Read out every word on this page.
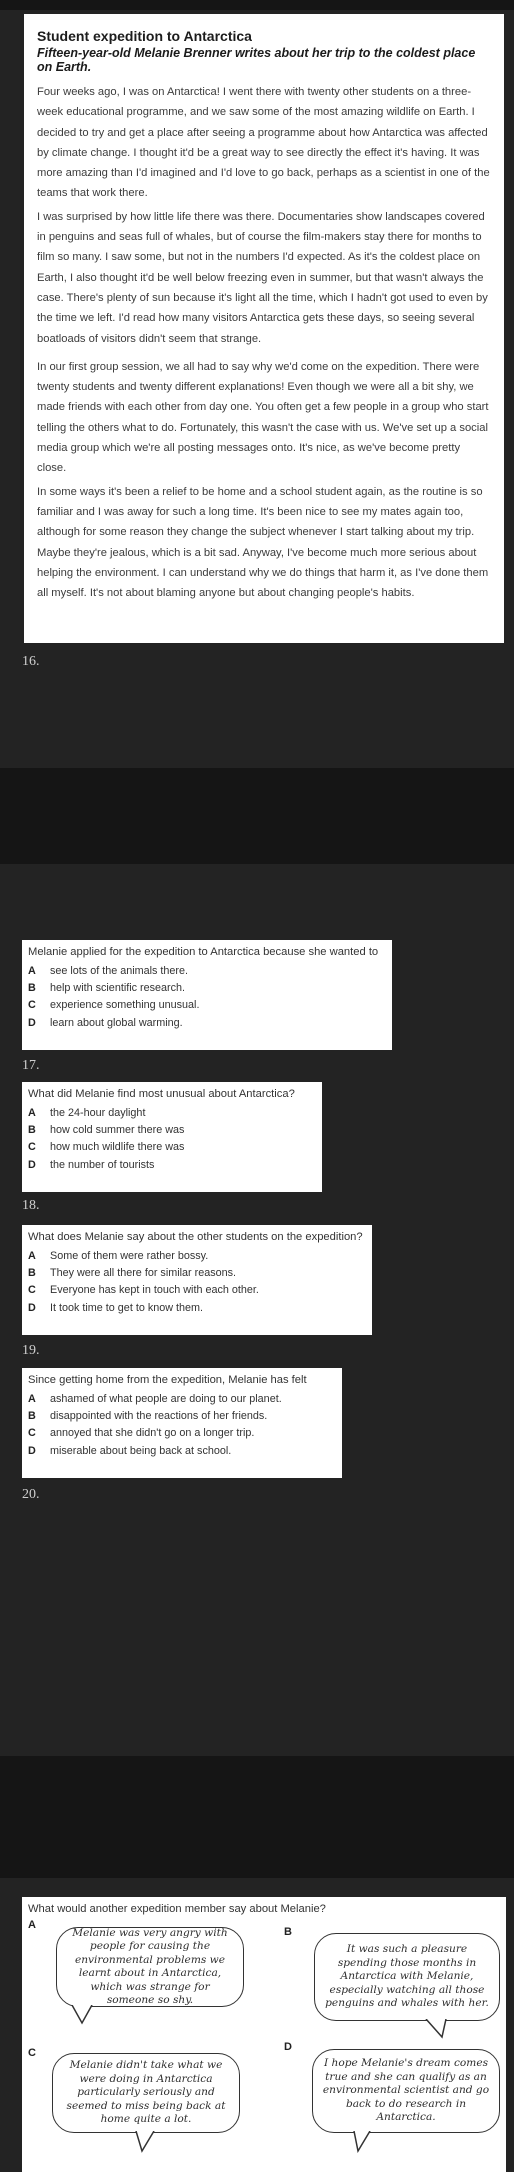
Student expedition to Antarctica
Fifteen-year-old Melanie Brenner writes about her trip to the coldest place on Earth.

Four weeks ago, I was on Antarctica! I went there with twenty other students on a three-week educational programme, and we saw some of the most amazing wildlife on Earth. I decided to try and get a place after seeing a programme about how Antarctica was affected by climate change. I thought it'd be a great way to see directly the effect it's having. It was more amazing than I'd imagined and I'd love to go back, perhaps as a scientist in one of the teams that work there.

I was surprised by how little life there was there. Documentaries show landscapes covered in penguins and seas full of whales, but of course the film-makers stay there for months to film so many. I saw some, but not in the numbers I'd expected. As it's the coldest place on Earth, I also thought it'd be well below freezing even in summer, but that wasn't always the case. There's plenty of sun because it's light all the time, which I hadn't got used to even by the time we left. I'd read how many visitors Antarctica gets these days, so seeing several boatloads of visitors didn't seem that strange.

In our first group session, we all had to say why we'd come on the expedition. There were twenty students and twenty different explanations! Even though we were all a bit shy, we made friends with each other from day one. You often get a few people in a group who start telling the others what to do. Fortunately, this wasn't the case with us. We've set up a social media group which we're all posting messages onto. It's nice, as we've become pretty close.

In some ways it's been a relief to be home and a school student again, as the routine is so familiar and I was away for such a long time. It's been nice to see my mates again too, although for some reason they change the subject whenever I start talking about my trip. Maybe they're jealous, which is a bit sad. Anyway, I've become much more serious about helping the environment. I can understand why we do things that harm it, as I've done them all myself. It's not about blaming anyone but about changing people's habits.

16.
Melanie applied for the expedition to Antarctica because she wanted to
A	see lots of the animals there.
B	help with scientific research.
C	experience something unusual.
D	learn about global warming.
17.
What did Melanie find most unusual about Antarctica?
A	the 24-hour daylight
B	how cold summer there was
C	how much wildlife there was
D	the number of tourists
18.
What does Melanie say about the other students on the expedition?
A	Some of them were rather bossy.
B	They were all there for similar reasons.
C	Everyone has kept in touch with each other.
D	It took time to get to know them.
19.
Since getting home from the expedition, Melanie has felt
A	ashamed of what people are doing to our planet.
B	disappointed with the reactions of her friends.
C	annoyed that she didn't go on a longer trip.
D	miserable about being back at school.
20.
What would another expedition member say about Melanie?
A
Melanie was very angry with people for causing the environmental problems we learnt about in Antarctica, which was strange for someone so shy.
B
It was such a pleasure spending those months in Antarctica with Melanie, especially watching all those penguins and whales with her.
C
Melanie didn't take what we were doing in Antarctica particularly seriously and seemed to miss being back at home quite a lot.
D
I hope Melanie's dream comes true and she can qualify as an environmental scientist and go back to do research in Antarctica.
